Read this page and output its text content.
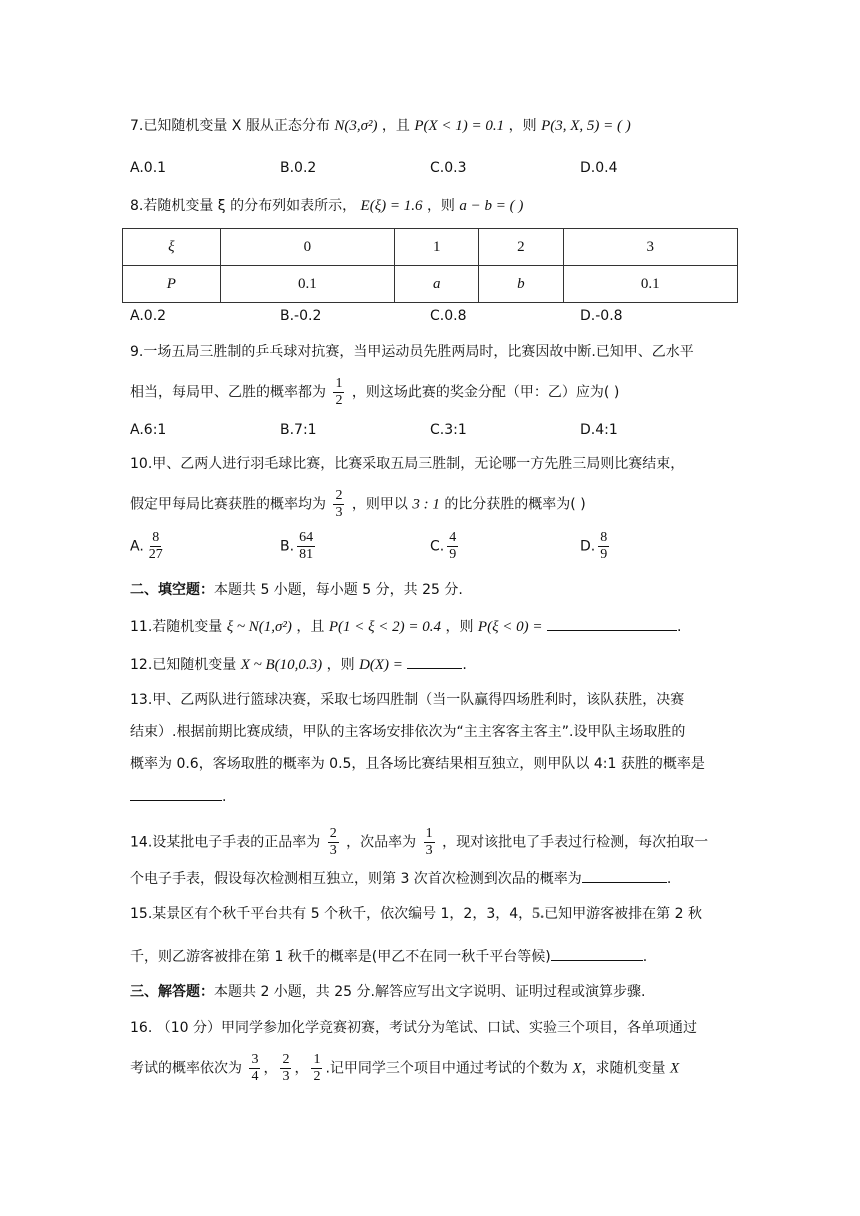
7.已知随机变量 X 服从正态分布 N(3,σ²) ，且 P(X < 1) = 0.1 ，则 P(3, X, 5) = ( )
A.0.1	B.0.2	C.0.3	D.0.4
8.若随机变量 ξ 的分布列如表所示， E(ξ) = 1.6 ，则 a − b = ( )
ξ	0	1	2	3
P	0.1	a	b	0.1
A.0.2	B.-0.2	C.0.8	D.-0.8
9.一场五局三胜制的乒乓球对抗赛，当甲运动员先胜两局时，比赛因故中断.已知甲、乙水平
相当，每局甲、乙胜的概率都为 $\frac{1}{2}$ ，则这场此赛的奖金分配（甲：乙）应为( )
A.6:1	B.7:1	C.3:1	D.4:1
10.甲、乙两人进行羽毛球比赛，比赛采取五局三胜制，无论哪一方先胜三局则比赛结束，
假定甲每局比赛获胜的概率均为 $\frac{2}{3}$ ，则甲以 3 : 1 的比分获胜的概率为( )
A. $\frac{8}{27}$	B. $\frac{64}{81}$	C. $\frac{4}{9}$	D. $\frac{8}{9}$
二、填空题：本题共 5 小题，每小题 5 分，共 25 分.
11.若随机变量 ξ ~ N(1,σ²) ，且 P(1 < ξ < 2) = 0.4 ，则 P(ξ < 0) =	.
12.已知随机变量 X ~ B(10,0.3) ，则 D(X) =	.
13.甲、乙两队进行篮球决赛，采取七场四胜制（当一队赢得四场胜利时，该队获胜，决赛
结束）.根据前期比赛成绩，甲队的主客场安排依次为“主主客客主客主”.设甲队主场取胜的
概率为 0.6，客场取胜的概率为 0.5，且各场比赛结果相互独立，则甲队以 4:1 获胜的概率是
.
14.设某批电子手表的正品率为 $\frac{2}{3}$ ，次品率为 $\frac{1}{3}$ ，现对该批电了手表过行检测，每次拍取一
个电子手表，假设每次检测相互独立，则第 3 次首次检测到次品的概率为	.
15.某景区有个秋千平台共有 5 个秋千，依次编号 1，2，3，4，5.已知甲游客被排在第 2 秋
千，则乙游客被排在第 1 秋千的概率是(甲乙不在同一秋千平台等候)	.
三、解答题：本题共 2 小题，共 25 分.解答应写出文字说明、证明过程或演算步骤.
16. （10 分）甲同学参加化学竞赛初赛，考试分为笔试、口试、实验三个项目，各单项通过
考试的概率依次为 $\frac{3}{4}$ ， $\frac{2}{3}$ ， $\frac{1}{2}$ .记甲同学三个项目中通过考试的个数为 X，求随机变量 X
